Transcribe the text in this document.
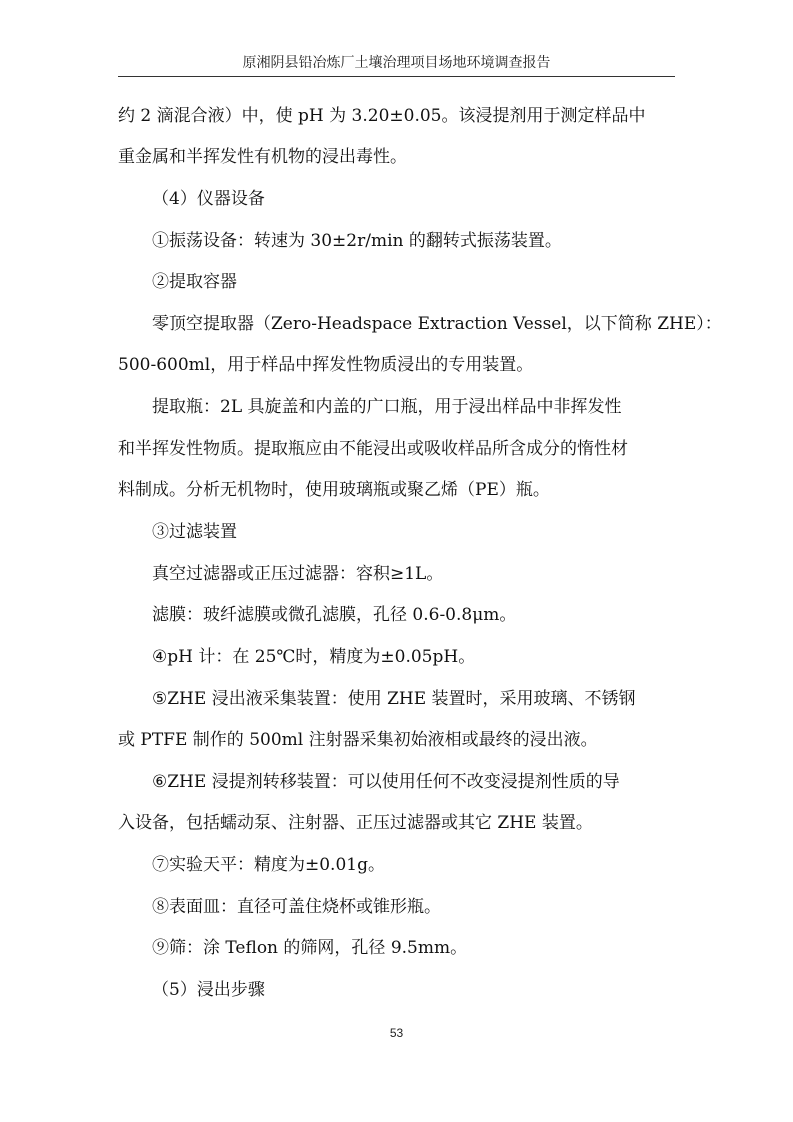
原湘阴县铅冶炼厂土壤治理项目场地环境调查报告
约 2 滴混合液）中，使 pH 为 3.20±0.05。该浸提剂用于测定样品中
重金属和半挥发性有机物的浸出毒性。
（4）仪器设备
①振荡设备：转速为 30±2r/min 的翻转式振荡装置。
②提取容器
零顶空提取器（Zero-Headspace Extraction Vessel，以下简称 ZHE）：
500-600ml，用于样品中挥发性物质浸出的专用装置。
提取瓶：2L 具旋盖和内盖的广口瓶，用于浸出样品中非挥发性
和半挥发性物质。提取瓶应由不能浸出或吸收样品所含成分的惰性材
料制成。分析无机物时，使用玻璃瓶或聚乙烯（PE）瓶。
③过滤装置
真空过滤器或正压过滤器：容积≥1L。
滤膜：玻纤滤膜或微孔滤膜，孔径 0.6-0.8μm。
④pH 计：在 25℃时，精度为±0.05pH。
⑤ZHE 浸出液采集装置：使用 ZHE 装置时，采用玻璃、不锈钢
或 PTFE 制作的 500ml 注射器采集初始液相或最终的浸出液。
⑥ZHE 浸提剂转移装置：可以使用任何不改变浸提剂性质的导
入设备，包括蠕动泵、注射器、正压过滤器或其它 ZHE 装置。
⑦实验天平：精度为±0.01g。
⑧表面皿：直径可盖住烧杯或锥形瓶。
⑨筛：涂 Teflon 的筛网，孔径 9.5mm。
（5）浸出步骤
53
